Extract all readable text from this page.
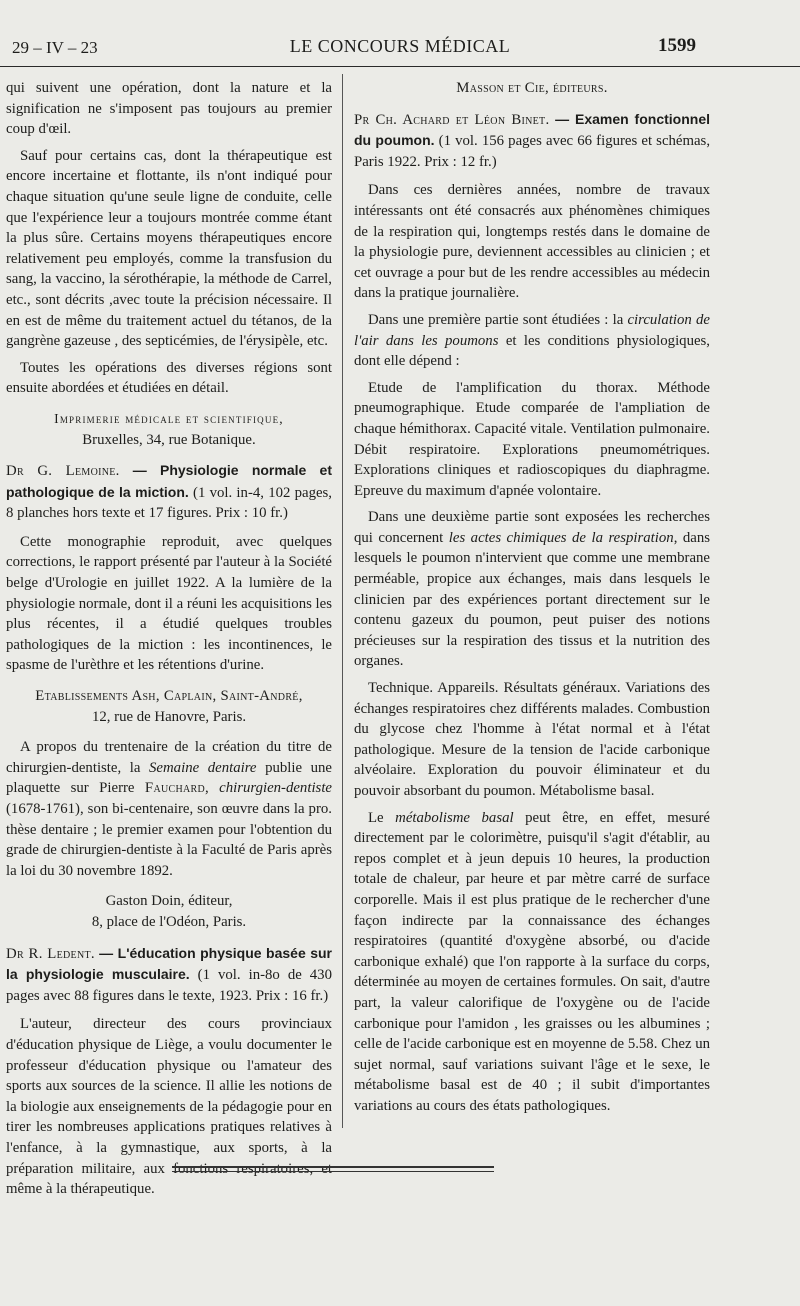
29 – IV – 23	LE CONCOURS MÉDICAL	1599

qui suivent une opération, dont la nature et la signification ne s'imposent pas toujours au premier coup d'œil.

Sauf pour certains cas, dont la thérapeutique est encore incertaine et flottante, ils n'ont indiqué pour chaque situation qu'une seule ligne de conduite, celle que l'expérience leur a toujours montrée comme étant la plus sûre. Certains moyens thérapeutiques encore relativement peu employés, comme la transfusion du sang, la vaccino, la sérothérapie, la méthode de Carrel, etc., sont décrits ,avec toute la précision nécessaire. Il en est de même du traitement actuel du tétanos, de la gangrène gazeuse , des septicémies, de l'érysipèle, etc.

Toutes les opérations des diverses régions sont ensuite abordées et étudiées en détail.

Imprimerie médicale et scientifique,
Bruxelles, 34, rue Botanique.

Dr G. Lemoine. — Physiologie normale et pathologique de la miction. (1 vol. in-4, 102 pages, 8 planches hors texte et 17 figures. Prix : 10 fr.)

Cette monographie reproduit, avec quelques corrections, le rapport présenté par l'auteur à la Société belge d'Urologie en juillet 1922. A la lumière de la physiologie normale, dont il a réuni les acquisitions les plus récentes, il a étudié quelques troubles pathologiques de la miction : les incontinences, le spasme de l'urèthre et les rétentions d'urine.

Etablissements Ash, Caplain, Saint-André,
12, rue de Hanovre, Paris.

A propos du trentenaire de la création du titre de chirurgien-dentiste, la Semaine dentaire publie une plaquette sur Pierre Fauchard, chirurgien-dentiste (1678-1761), son bi-centenaire, son œuvre dans la pro. thèse dentaire ; le premier examen pour l'obtention du grade de chirurgien-dentiste à la Faculté de Paris après la loi du 30 novembre 1892.

Gaston Doin, éditeur,
8, place de l'Odéon, Paris.

Dr R. Ledent. — L'éducation physique basée sur la physiologie musculaire. (1 vol. in-8o de 430 pages avec 88 figures dans le texte, 1923. Prix : 16 fr.)

L'auteur, directeur des cours provinciaux d'éducation physique de Liège, a voulu documenter le professeur d'éducation physique ou l'amateur des sports aux sources de la science. Il allie les notions de la biologie aux enseignements de la pédagogie pour en tirer les nombreuses applications pratiques relatives à l'enfance, à la gymnastique, aux sports, à la préparation militaire, aux fonctions respiratoires, et même à la thérapeutique.

Masson et Cie, éditeurs.

Pr Ch. Achard et Léon Binet. — Examen fonctionnel du poumon. (1 vol. 156 pages avec 66 figures et schémas, Paris 1922. Prix : 12 fr.)

Dans ces dernières années, nombre de travaux intéressants ont été consacrés aux phénomènes chimiques de la respiration qui, longtemps restés dans le domaine de la physiologie pure, deviennent accessibles au clinicien ; et cet ouvrage a pour but de les rendre accessibles au médecin dans la pratique journalière.

Dans une première partie sont étudiées : la circulation de l'air dans les poumons et les conditions physiologiques, dont elle dépend :

Etude de l'amplification du thorax. Méthode pneumographique. Etude comparée de l'ampliation de chaque hémithorax. Capacité vitale. Ventilation pulmonaire. Débit respiratoire. Explorations pneumométriques. Explorations cliniques et radioscopiques du diaphragme. Epreuve du maximum d'apnée volontaire.

Dans une deuxième partie sont exposées les recherches qui concernent les actes chimiques de la respiration, dans lesquels le poumon n'intervient que comme une membrane perméable, propice aux échanges, mais dans lesquels le clinicien par des expériences portant directement sur le contenu gazeux du poumon, peut puiser des notions précieuses sur la respiration des tissus et la nutrition des organes.

Technique. Appareils. Résultats généraux. Variations des échanges respiratoires chez différents malades. Combustion du glycose chez l'homme à l'état normal et à l'état pathologique. Mesure de la tension de l'acide carbonique alvéolaire. Exploration du pouvoir éliminateur et du pouvoir absorbant du poumon. Métabolisme basal.

Le métabolisme basal peut être, en effet, mesuré directement par le colorimètre, puisqu'il s'agit d'établir, au repos complet et à jeun depuis 10 heures, la production totale de chaleur, par heure et par mètre carré de surface corporelle. Mais il est plus pratique de le rechercher d'une façon indirecte par la connaissance des échanges respiratoires (quantité d'oxygène absorbé, ou d'acide carbonique exhalé) que l'on rapporte à la surface du corps, déterminée au moyen de certaines formules. On sait, d'autre part, la valeur calorifique de l'oxygène ou de l'acide carbonique pour l'amidon , les graisses ou les albumines ; celle de l'acide carbonique est en moyenne de 5.58. Chez un sujet normal, sauf variations suivant l'âge et le sexe, le métabolisme basal est de 40 ; il subit d'importantes variations au cours des états pathologiques.
